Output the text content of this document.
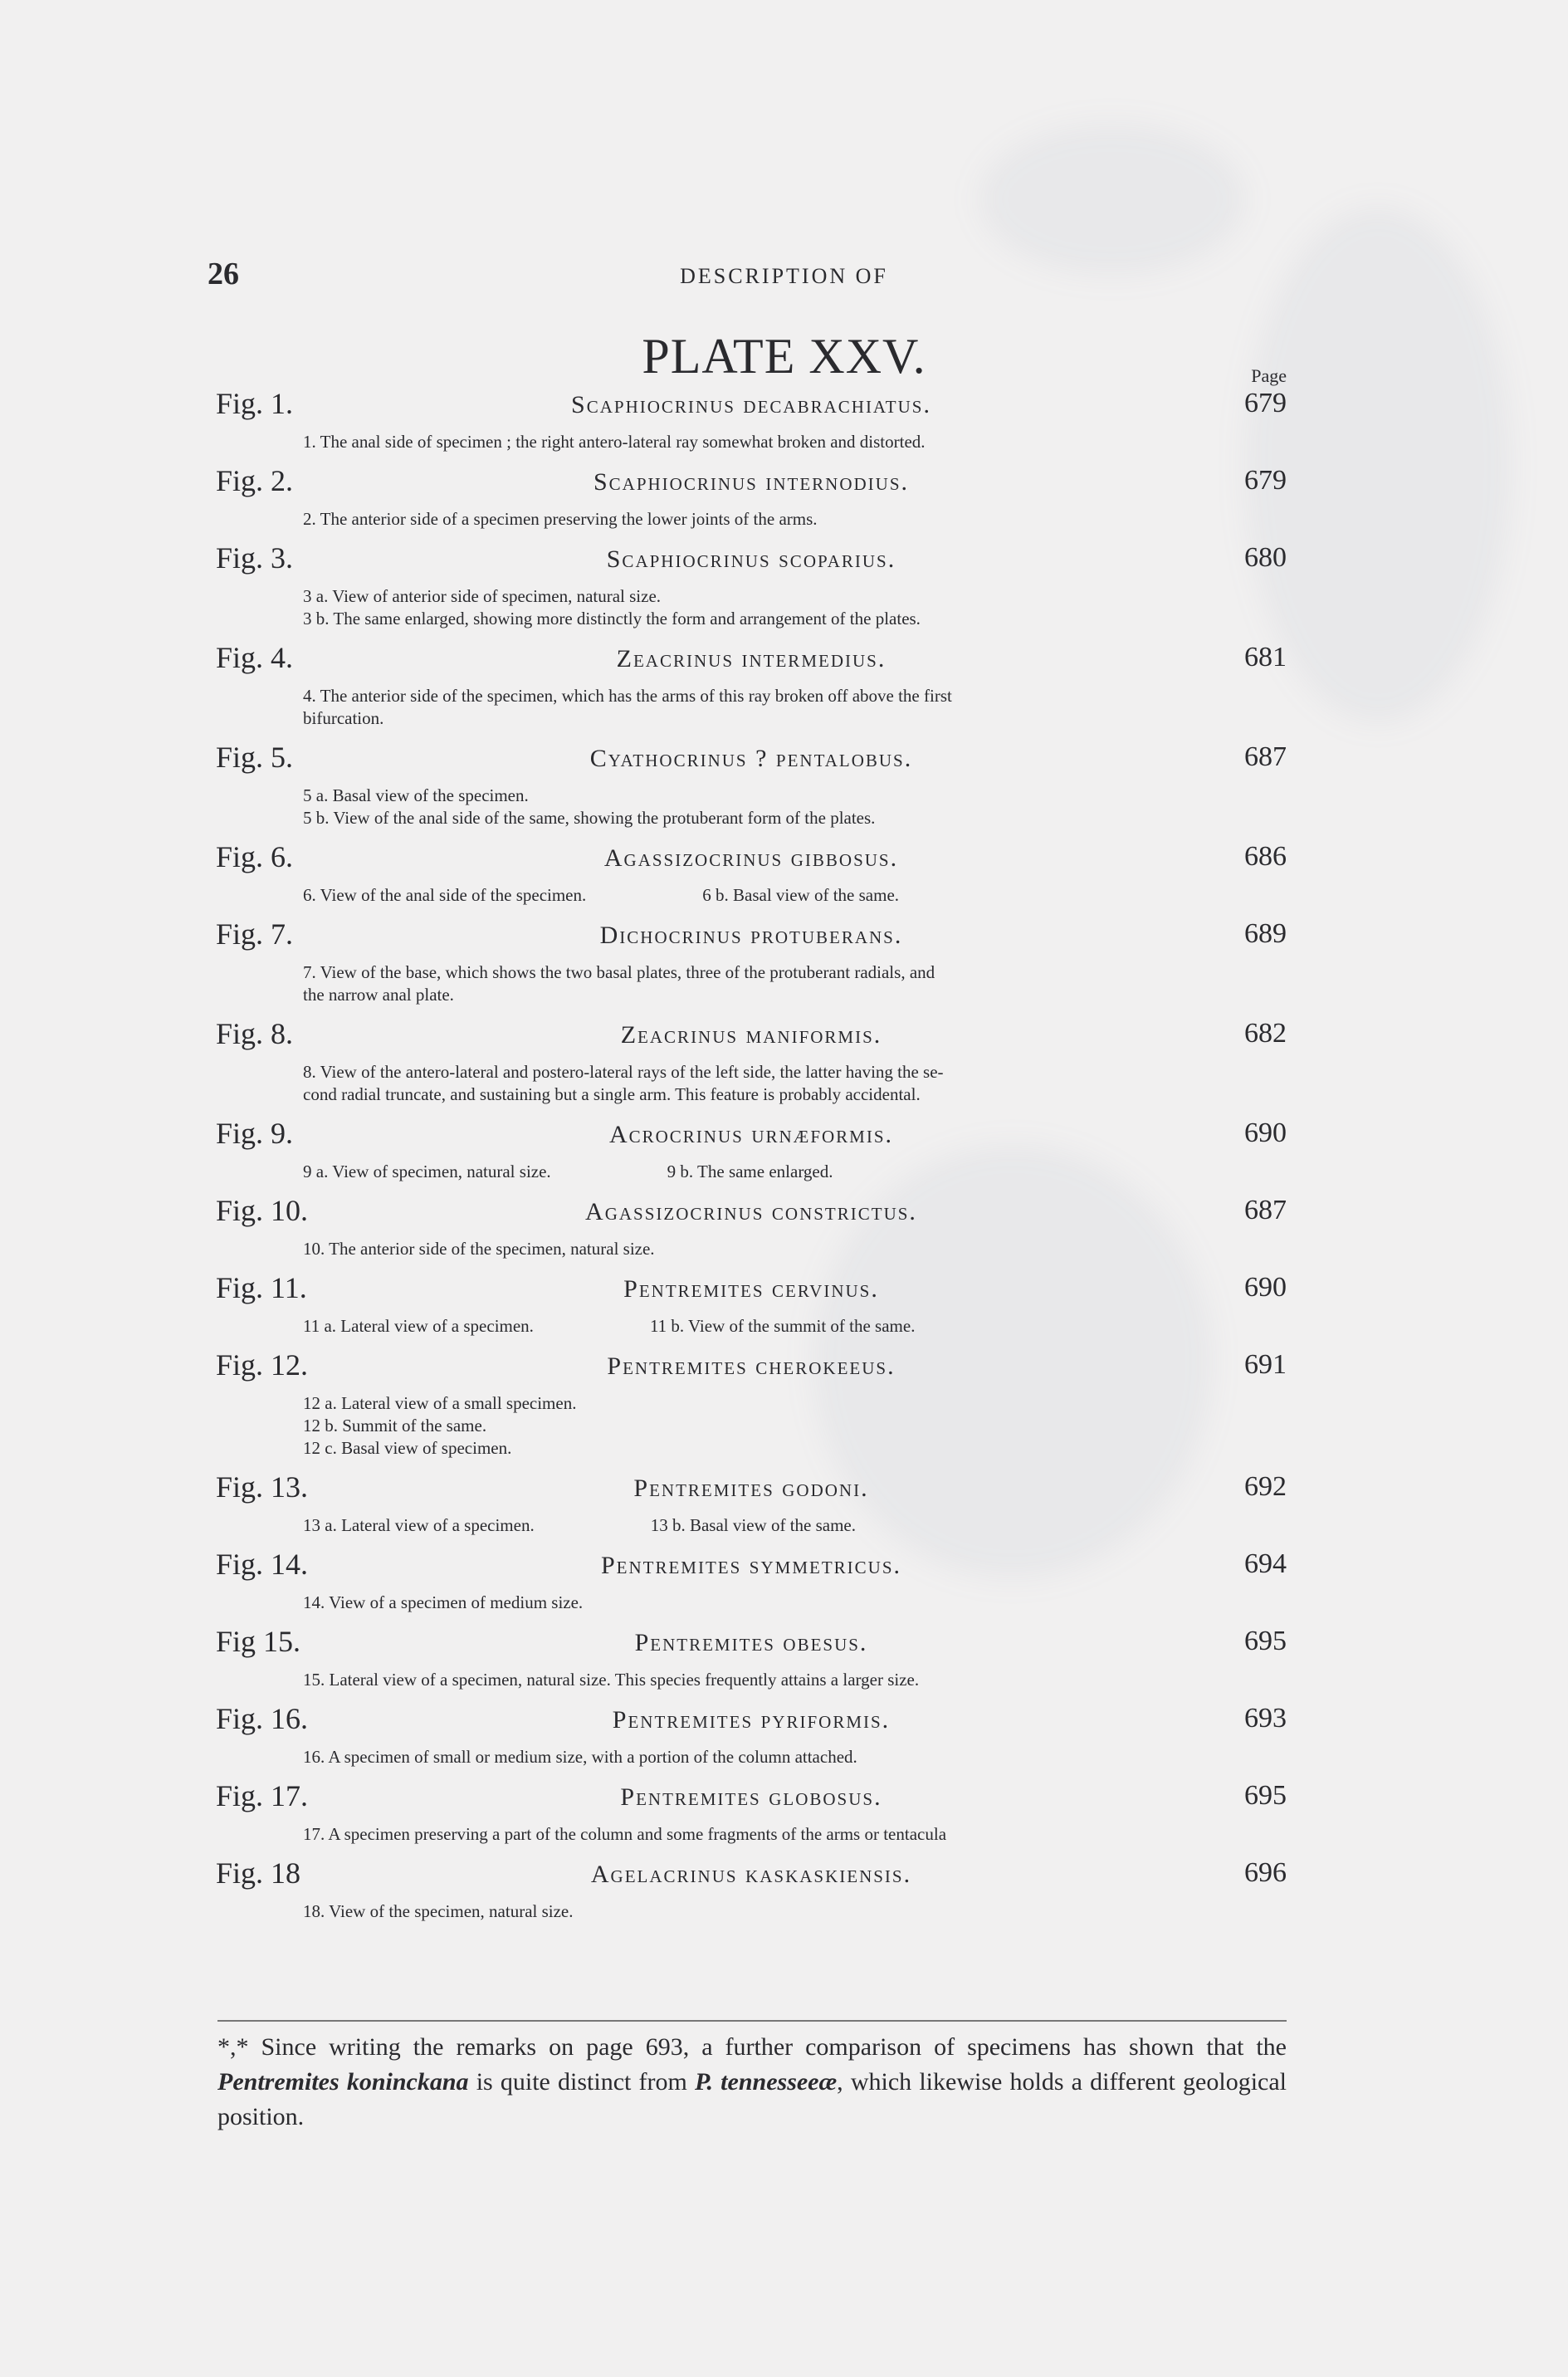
26	DESCRIPTION OF
PLATE XXV.	Page
Fig. 1.	Scaphiocrinus decabrachiatus.	679
1. The anal side of specimen ; the right antero-lateral ray somewhat broken and distorted.
Fig. 2.	Scaphiocrinus internodius.	679
2. The anterior side of a specimen preserving the lower joints of the arms.
Fig. 3.	Scaphiocrinus scoparius.	680
3 a. View of anterior side of specimen, natural size.
3 b. The same enlarged, showing more distinctly the form and arrangement of the plates.
Fig. 4.	Zeacrinus intermedius.	681
4. The anterior side of the specimen, which has the arms of this ray broken off above the first
bifurcation.
Fig. 5.	Cyathocrinus ? pentalobus.	687
5 a. Basal view of the specimen.
5 b. View of the anal side of the same, showing the protuberant form of the plates.
Fig. 6.	Agassizocrinus gibbosus.	686
6. View of the anal side of the specimen.	6 b. Basal view of the same.
Fig. 7.	Dichocrinus protuberans.	689
7. View of the base, which shows the two basal plates, three of the protuberant radials, and
the narrow anal plate.
Fig. 8.	Zeacrinus maniformis.	682
8. View of the antero-lateral and postero-lateral rays of the left side, the latter having the se-
cond radial truncate, and sustaining but a single arm. This feature is probably accidental.
Fig. 9.	Acrocrinus urnæformis.	690
9 a. View of specimen, natural size.	9 b. The same enlarged.
Fig. 10.	Agassizocrinus constrictus.	687
10. The anterior side of the specimen, natural size.
Fig. 11.	Pentremites cervinus.	690
11 a. Lateral view of a specimen.	11 b. View of the summit of the same.
Fig. 12.	Pentremites cherokeeus.	691
12 a. Lateral view of a small specimen.
12 b. Summit of the same.
12 c. Basal view of specimen.
Fig. 13.	Pentremites godoni.	692
13 a. Lateral view of a specimen.	13 b. Basal view of the same.
Fig. 14.	Pentremites symmetricus.	694
14. View of a specimen of medium size.
Fig 15.	Pentremites obesus.	695
15. Lateral view of a specimen, natural size. This species frequently attains a larger size.
Fig. 16.	Pentremites pyriformis.	693
16. A specimen of small or medium size, with a portion of the column attached.
Fig. 17.	Pentremites globosus.	695
17. A specimen preserving a part of the column and some fragments of the arms or tentacula
Fig. 18	Agelacrinus kaskaskiensis.	696
18. View of the specimen, natural size.
*,* Since writing the remarks on page 693, a further comparison of specimens has shown that the Pentremites koninckana is quite distinct from P. tennesseeæ, which likewise holds a different geological position.
